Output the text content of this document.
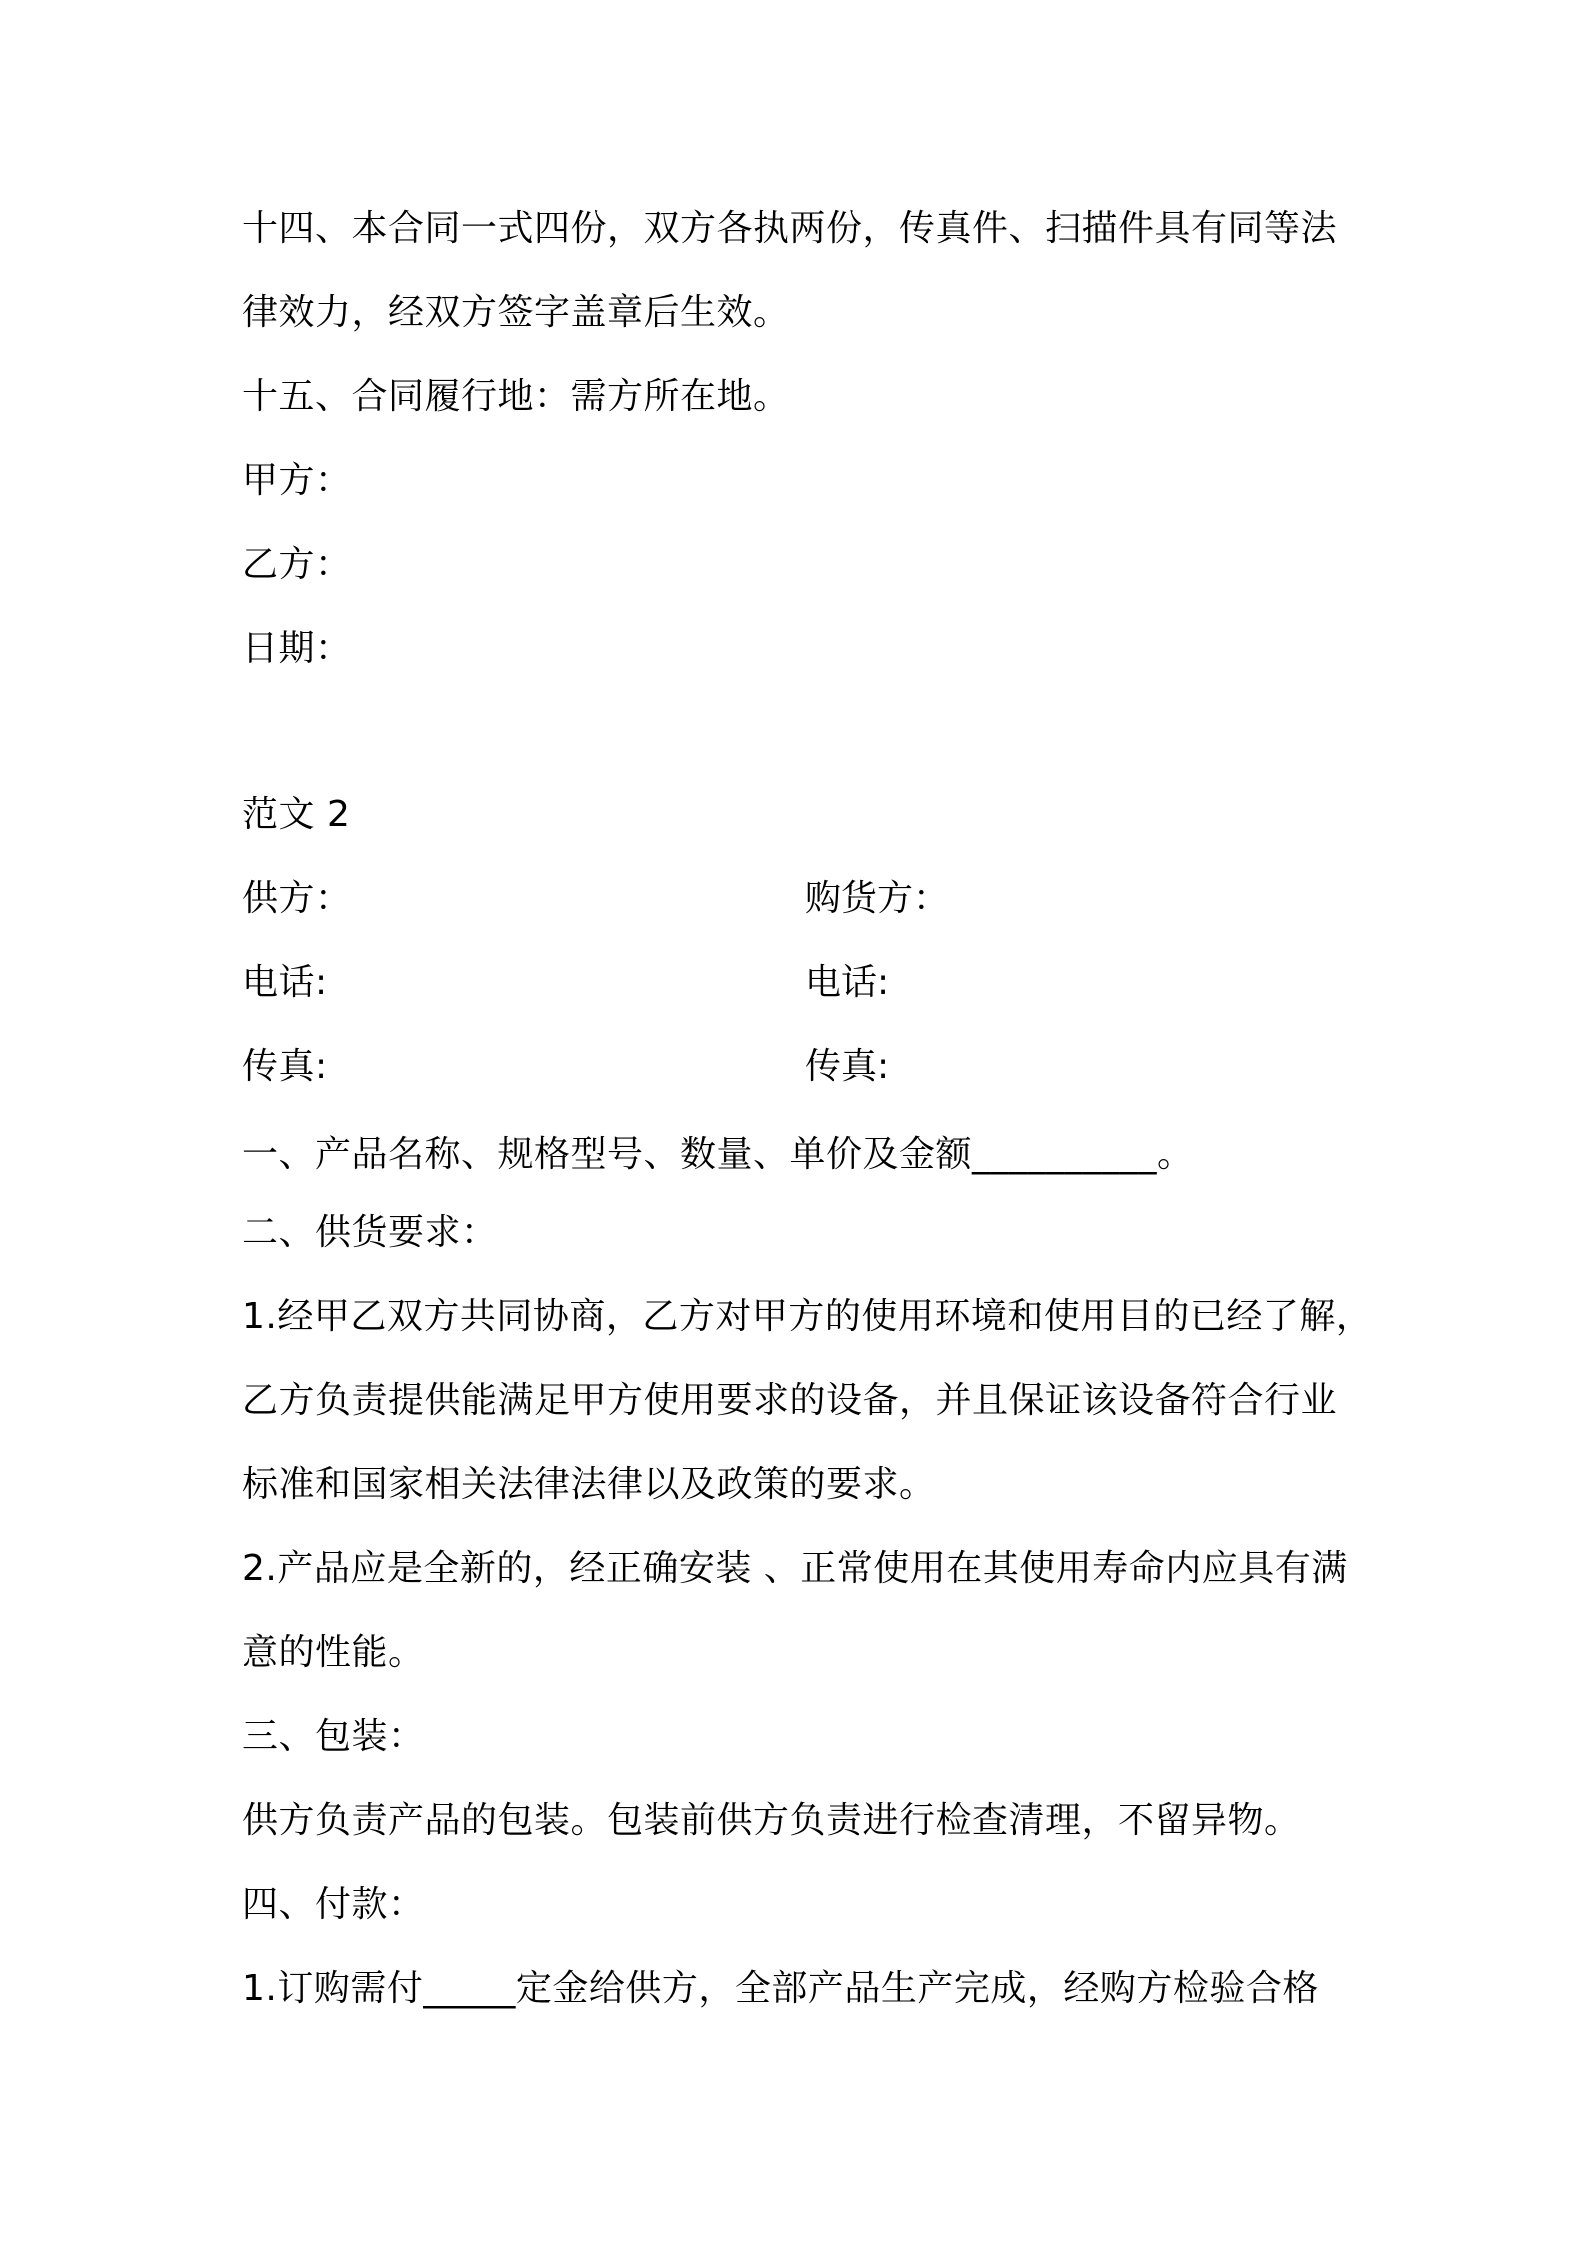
十四、本合同一式四份，双方各执两份，传真件、扫描件具有同等法
律效力，经双方签字盖章后生效。
十五、合同履行地：需方所在地。
甲方：
乙方：
日期：
范文 2
供方：	购货方：
电话:	电话:
传真:	传真:
一、产品名称、规格型号、数量、单价及金额__________。
二、供货要求：
1.经甲乙双方共同协商，乙方对甲方的使用环境和使用目的已经了解，
乙方负责提供能满足甲方使用要求的设备，并且保证该设备符合行业
标准和国家相关法律法律以及政策的要求。
2.产品应是全新的，经正确安装 、正常使用在其使用寿命内应具有满
意的性能。
三、包装：
供方负责产品的包装。包装前供方负责进行检查清理，不留异物。
四、付款：
1.订购需付_____定金给供方，全部产品生产完成，经购方检验合格
